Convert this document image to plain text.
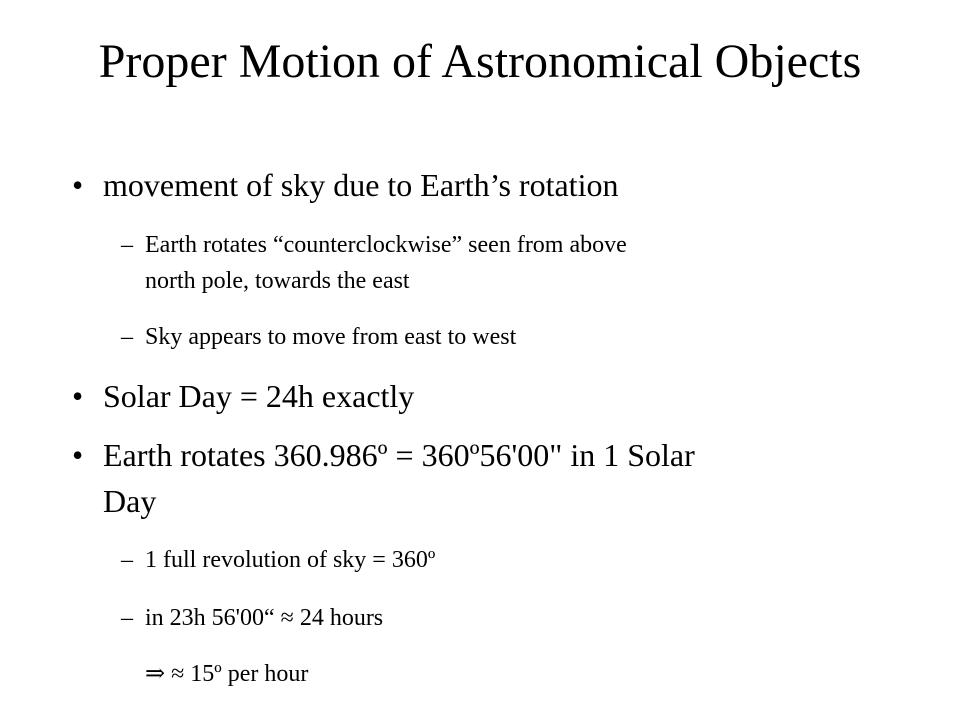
Proper Motion of Astronomical Objects
• movement of sky due to Earth’s rotation
– Earth rotates “counterclockwise” seen from above
north pole, towards the east
– Sky appears to move from east to west
• Solar Day = 24h exactly
• Earth rotates 360.986º = 360º56'00" in 1 Solar
Day
– 1 full revolution of sky = 360º
– in 23h 56'00“ ≈ 24 hours
⇒ ≈ 15º per hour
